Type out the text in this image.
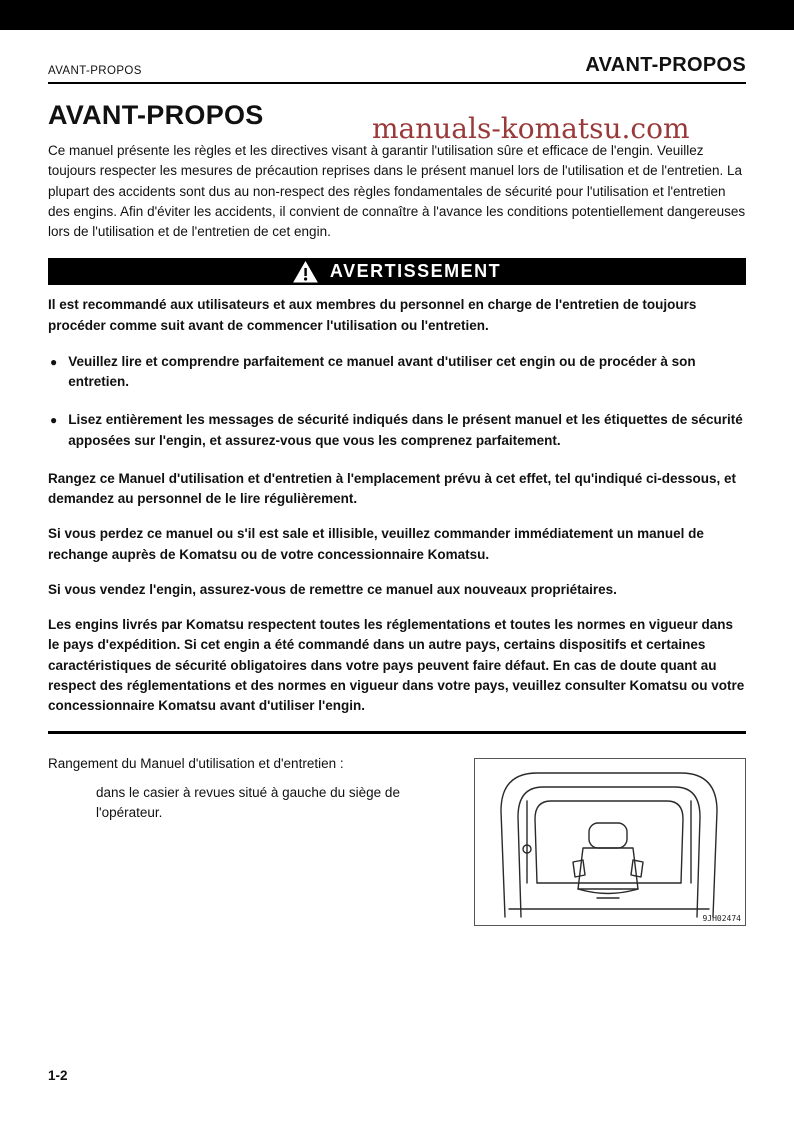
AVANT-PROPOS	AVANT-PROPOS
AVANT-PROPOS

Ce manuel présente les règles et les directives visant à garantir l'utilisation sûre et efficace de l'engin. Veuillez toujours respecter les mesures de précaution reprises dans le présent manuel lors de l'utilisation et de l'entretien. La plupart des accidents sont dus au non-respect des règles fondamentales de sécurité pour l'utilisation et l'entretien des engins. Afin d'éviter les accidents, il convient de connaître à l'avance les conditions potentiellement dangereuses lors de l'utilisation et de l'entretien de cet engin.

AVERTISSEMENT

Il est recommandé aux utilisateurs et aux membres du personnel en charge de l'entretien de toujours procéder comme suit avant de commencer l'utilisation ou l'entretien.

● Veuillez lire et comprendre parfaitement ce manuel avant d'utiliser cet engin ou de procéder à son entretien.

● Lisez entièrement les messages de sécurité indiqués dans le présent manuel et les étiquettes de sécurité apposées sur l'engin, et assurez-vous que vous les comprenez parfaitement.

Rangez ce Manuel d'utilisation et d'entretien à l'emplacement prévu à cet effet, tel qu'indiqué ci-dessous, et demandez au personnel de le lire régulièrement.

Si vous perdez ce manuel ou s'il est sale et illisible, veuillez commander immédiatement un manuel de rechange auprès de Komatsu ou de votre concessionnaire Komatsu.

Si vous vendez l'engin, assurez-vous de remettre ce manuel aux nouveaux propriétaires.

Les engins livrés par Komatsu respectent toutes les réglementations et toutes les normes en vigueur dans le pays d'expédition. Si cet engin a été commandé dans un autre pays, certains dispositifs et certaines caractéristiques de sécurité obligatoires dans votre pays peuvent faire défaut. En cas de doute quant au respect des réglementations et des normes en vigueur dans votre pays, veuillez consulter Komatsu ou votre concessionnaire Komatsu avant d'utiliser l'engin.

Rangement du Manuel d'utilisation et d'entretien :

dans le casier à revues situé à gauche du siège de l'opérateur.

9JH02474
1-2
manuals-komatsu.com
